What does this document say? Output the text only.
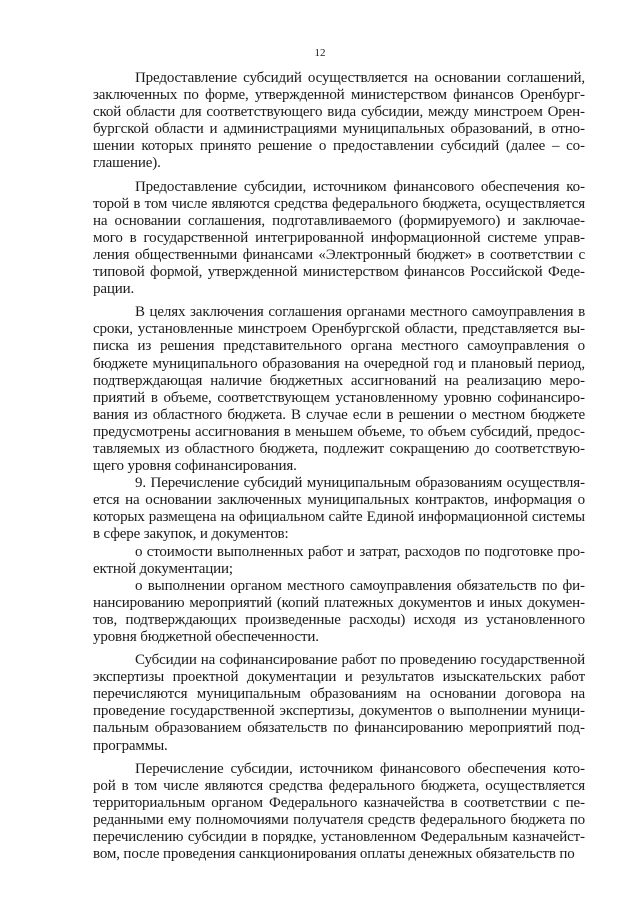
12

Предоставление субсидий осуществляется на основании соглашений, заключенных по форме, утвержденной министерством финансов Оренбургской области для соответствующего вида субсидии, между минстроем Оренбургской области и администрациями муниципальных образований, в отношении которых принято решение о предоставлении субсидий (далее – соглашение).

Предоставление субсидии, источником финансового обеспечения которой в том числе являются средства федерального бюджета, осуществляется на основании соглашения, подготавливаемого (формируемого) и заключаемого в государственной интегрированной информационной системе управления общественными финансами «Электронный бюджет» в соответствии с типовой формой, утвержденной министерством финансов Российской Федерации.

В целях заключения соглашения органами местного самоуправления в сроки, установленные минстроем Оренбургской области, представляется выписка из решения представительного органа местного самоуправления о бюджете муниципального образования на очередной год и плановый период, подтверждающая наличие бюджетных ассигнований на реализацию мероприятий в объеме, соответствующем установленному уровню софинансирования из областного бюджета. В случае если в решении о местном бюджете предусмотрены ассигнования в меньшем объеме, то объем субсидий, предоставляемых из областного бюджета, подлежит сокращению до соответствующего уровня софинансирования.

9. Перечисление субсидий муниципальным образованиям осуществляется на основании заключенных муниципальных контрактов, информация о которых размещена на официальном сайте Единой информационной системы в сфере закупок, и документов:

о стоимости выполненных работ и затрат, расходов по подготовке проектной документации;

о выполнении органом местного самоуправления обязательств по финансированию мероприятий (копий платежных документов и иных документов, подтверждающих произведенные расходы) исходя из установленного уровня бюджетной обеспеченности.

Субсидии на софинансирование работ по проведению государственной экспертизы проектной документации и результатов изыскательских работ перечисляются муниципальным образованиям на основании договора на проведение государственной экспертизы, документов о выполнении муниципальным образованием обязательств по финансированию мероприятий подпрограммы.

Перечисление субсидии, источником финансового обеспечения которой в том числе являются средства федерального бюджета, осуществляется территориальным органом Федерального казначейства в соответствии с переданными ему полномочиями получателя средств федерального бюджета по перечислению субсидии в порядке, установленном Федеральным казначейством, после проведения санкционирования оплаты денежных обязательств по
